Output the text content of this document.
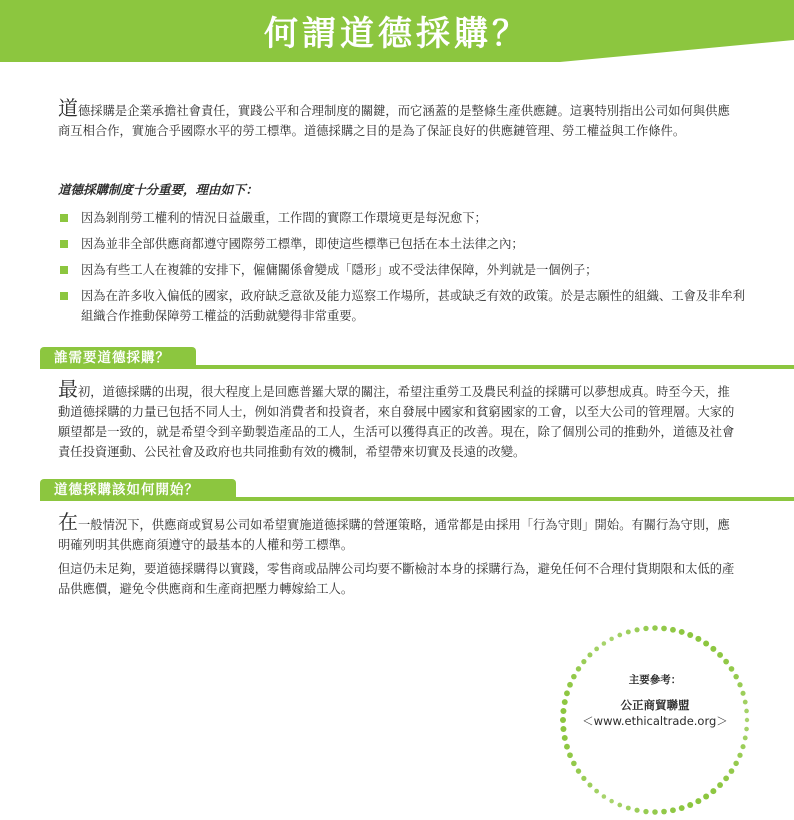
何謂道德採購？
道德採購是企業承擔社會責任，實踐公平和合理制度的關鍵，而它涵蓋的是整條生產供應鏈。這裏特別指出公司如何與供應商互相合作，實施合乎國際水平的勞工標準。道德採購之目的是為了保証良好的供應鏈管理、勞工權益與工作條件。
道德採購制度十分重要，理由如下：
因為剝削勞工權利的情況日益嚴重，工作間的實際工作環境更是每況愈下；
因為並非全部供應商都遵守國際勞工標準，即使這些標準已包括在本土法律之內；
因為有些工人在複雜的安排下，僱傭關係會變成「隱形」或不受法律保障，外判就是一個例子；
因為在許多收入偏低的國家，政府缺乏意欲及能力巡察工作場所，甚或缺乏有效的政策。於是志願性的組織、工會及非牟利組織合作推動保障勞工權益的活動就變得非常重要。
誰需要道德採購？
最初，道德採購的出現，很大程度上是回應普羅大眾的關注，希望注重勞工及農民利益的採購可以夢想成真。時至今天，推動道德採購的力量已包括不同人士，例如消費者和投資者，來自發展中國家和貧窮國家的工會，以至大公司的管理層。大家的願望都是一致的，就是希望令到辛勤製造產品的工人，生活可以獲得真正的改善。現在，除了個別公司的推動外，道德及社會責任投資運動、公民社會及政府也共同推動有效的機制，希望帶來切實及長遠的改變。
道德採購該如何開始？
在一般情況下，供應商或貿易公司如希望實施道德採購的營運策略，通常都是由採用「行為守則」開始。有關行為守則，應明確列明其供應商須遵守的最基本的人權和勞工標準。
但這仍未足夠，要道德採購得以實踐，零售商或品牌公司均要不斷檢討本身的採購行為，避免任何不合理付貨期限和太低的產品供應價，避免令供應商和生產商把壓力轉嫁給工人。
主要參考：
公正商貿聯盟
＜www.ethicaltrade.org＞
